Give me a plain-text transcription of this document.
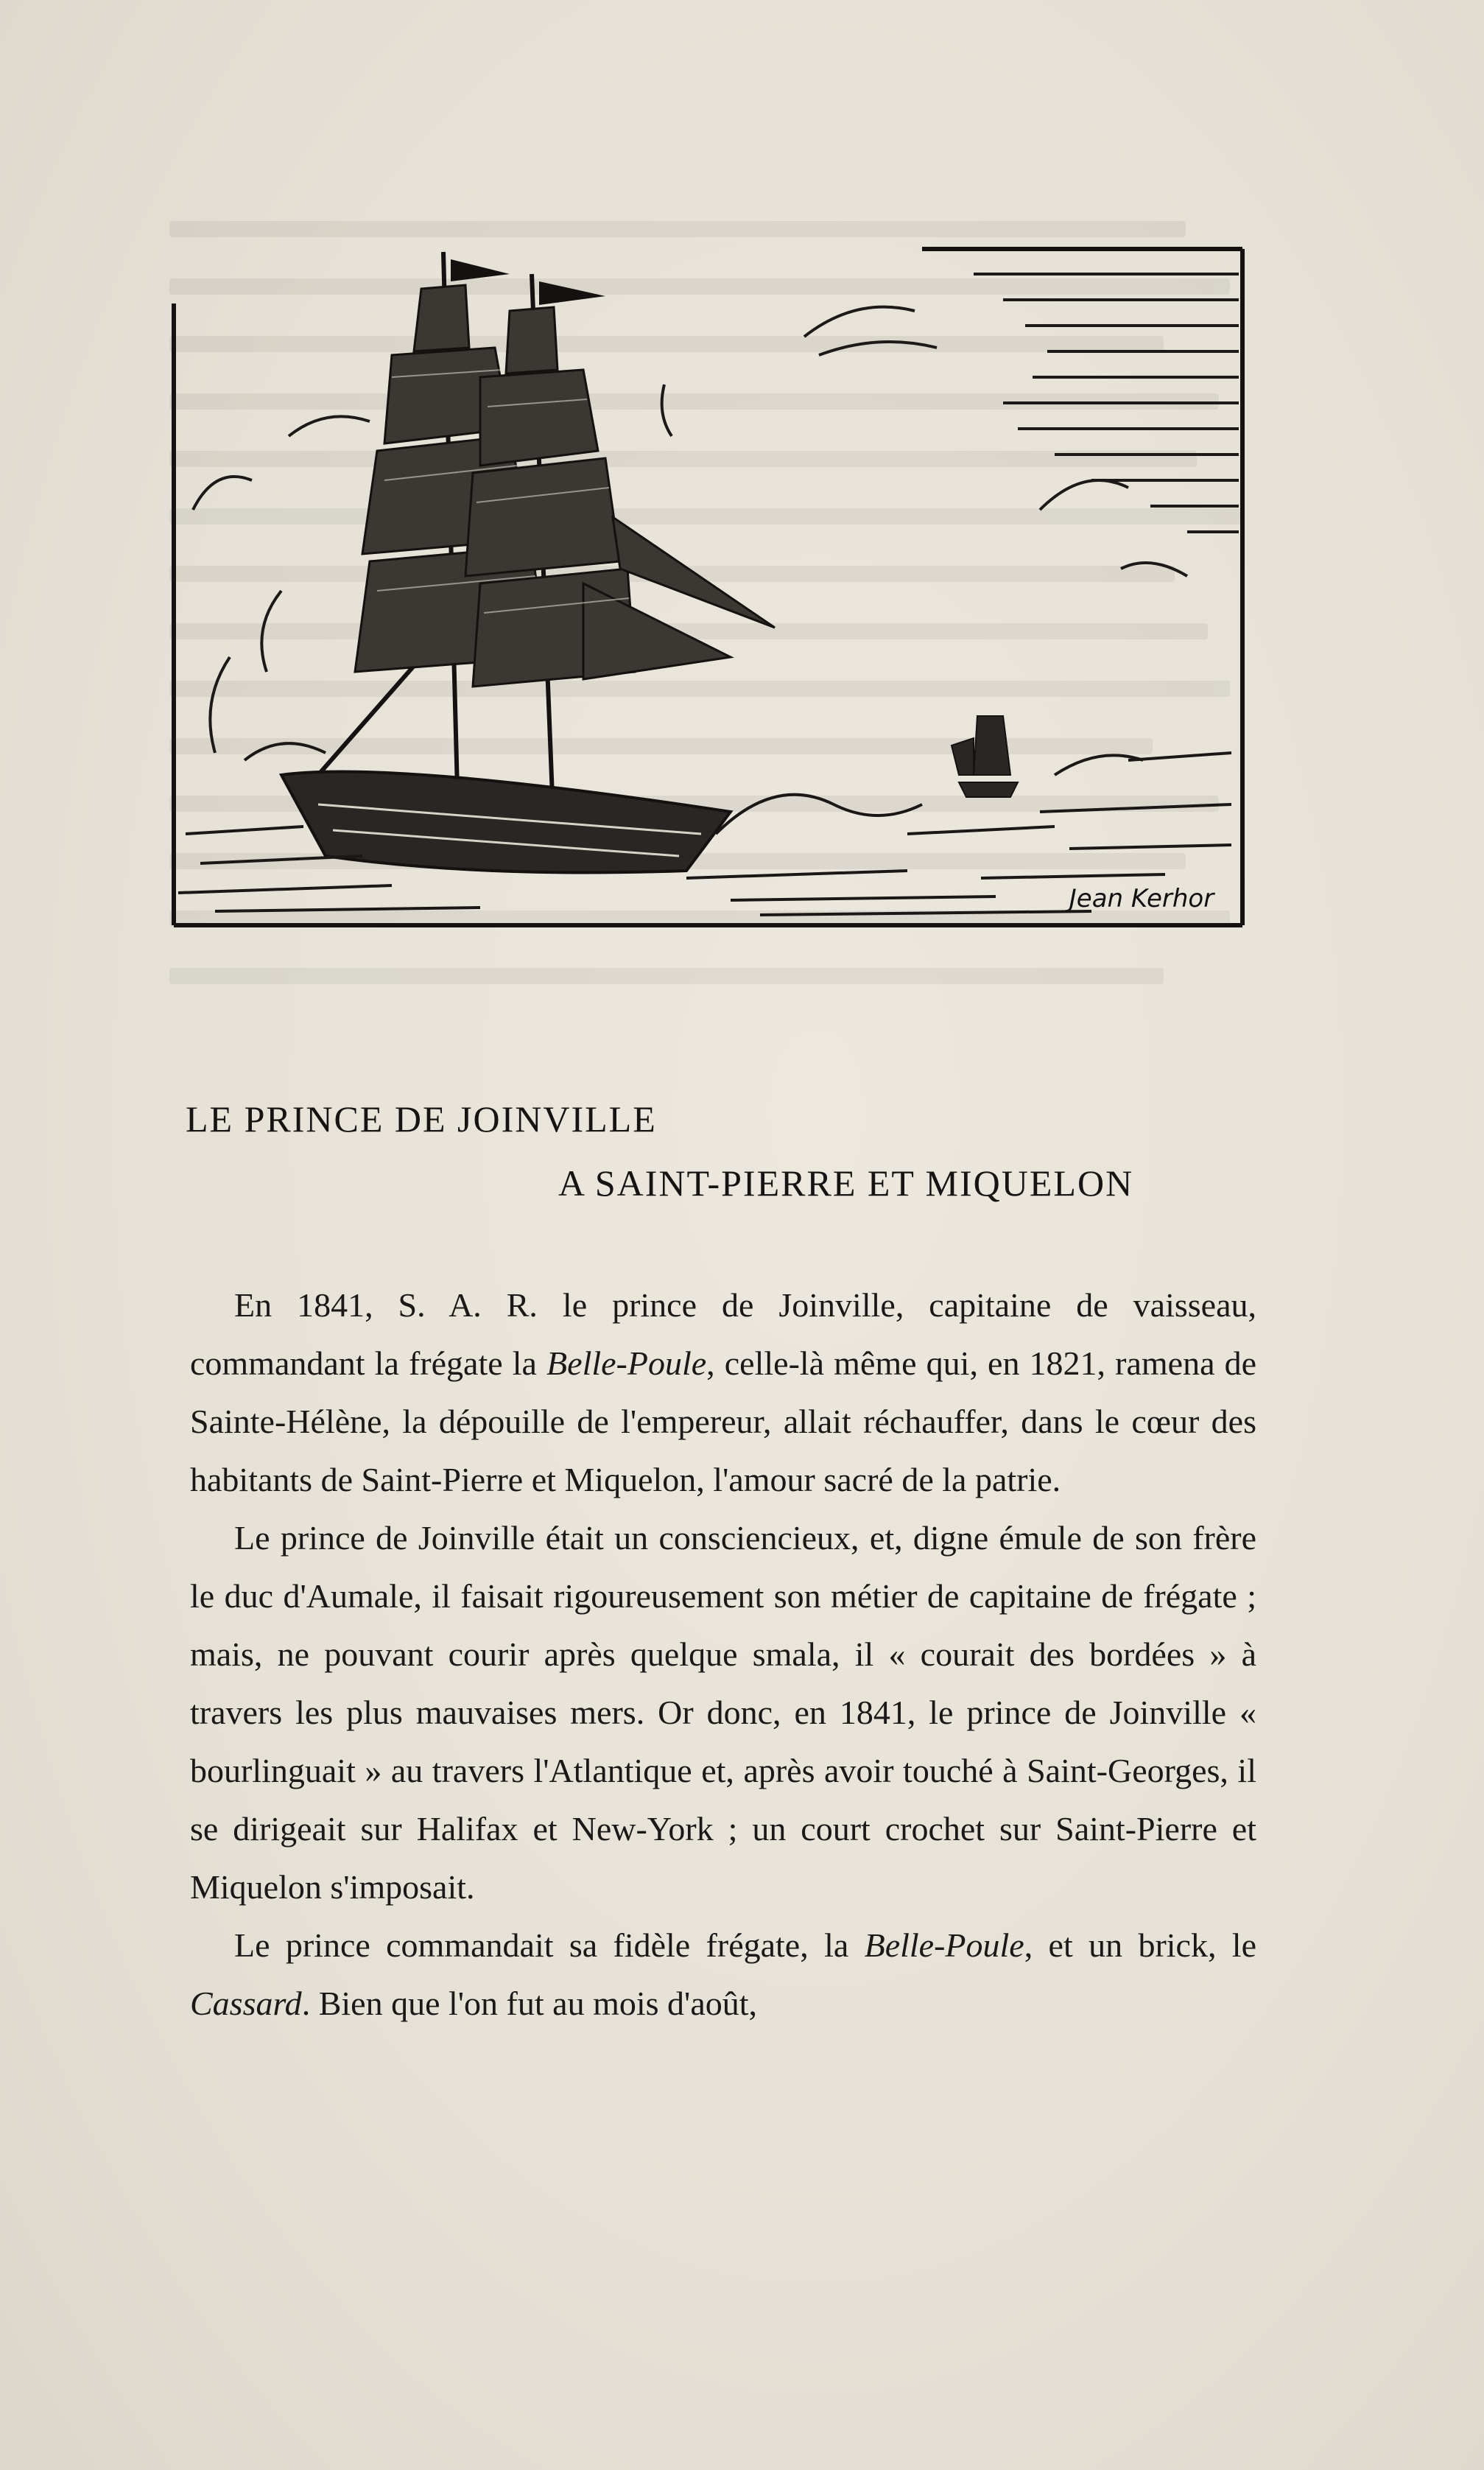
Jean Kerhor
LE PRINCE DE JOINVILLE
A SAINT-PIERRE ET MIQUELON

En 1841, S. A. R. le prince de Joinville, capitaine de vaisseau, commandant la frégate la Belle-Poule, celle-là même qui, en 1821, ramena de Sainte-Hélène, la dépouille de l'empereur, allait réchauffer, dans le cœur des habitants de Saint-Pierre et Miquelon, l'amour sacré de la patrie.

Le prince de Joinville était un consciencieux, et, digne émule de son frère le duc d'Aumale, il faisait rigoureusement son métier de capitaine de frégate ; mais, ne pouvant courir après quelque smala, il « courait des bordées » à travers les plus mauvaises mers. Or donc, en 1841, le prince de Joinville « bourlinguait » au travers l'Atlantique et, après avoir touché à Saint-Georges, il se dirigeait sur Halifax et New-York ; un court crochet sur Saint-Pierre et Miquelon s'imposait.

Le prince commandait sa fidèle frégate, la Belle-Poule, et un brick, le Cassard. Bien que l'on fut au mois d'août,
